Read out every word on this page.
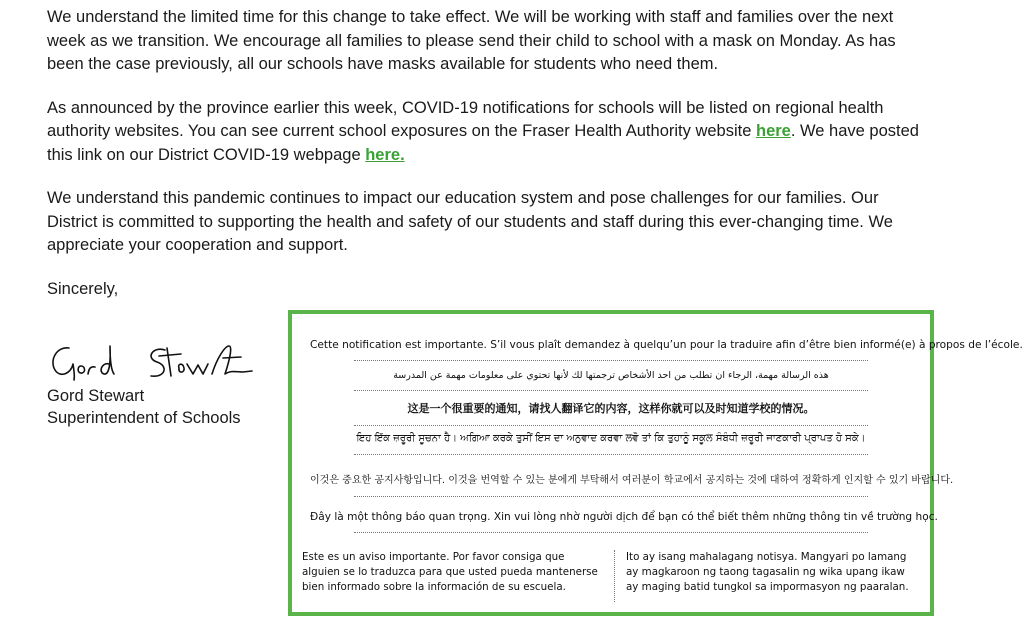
We understand the limited time for this change to take effect. We will be working with staff and families over the next week as we transition. We encourage all families to please send their child to school with a mask on Monday. As has been the case previously, all our schools have masks available for students who need them.

As announced by the province earlier this week, COVID-19 notifications for schools will be listed on regional health authority websites. You can see current school exposures on the Fraser Health Authority website here. We have posted this link on our District COVID-19 webpage here.

We understand this pandemic continues to impact our education system and pose challenges for our families. Our District is committed to supporting the health and safety of our students and staff during this ever-changing time. We appreciate your cooperation and support.

Sincerely,

Gord Stewart
Superintendent of Schools
Cette notification est importante. S’il vous plaît demandez à quelqu’un pour la traduire afin d’être bien informé(e) à propos de l’école.
هذه الرسالة مهمة، الرجاء ان تطلب من احد الأشخاص ترجمتها لك لأنها تحتوي على معلومات مهمة عن المدرسة
这是一个很重要的通知，请找人翻译它的内容，这样你就可以及时知道学校的情况。
ਇਹ ਇੱਕ ਜ਼ਰੂਰੀ ਸੂਚਨਾ ਹੈ। ਅਗਿਆ ਕਰਕੇ ਤੁਸੀਂ ਇਸ ਦਾ ਅਨੁਵਾਦ ਕਰਵਾ ਲਵੋ ਤਾਂ ਕਿ ਤੁਹਾਨੂੰ ਸਕੂਲ ਸੰਬੰਧੀ ਜ਼ਰੂਰੀ ਜਾਣਕਾਰੀ ਪ੍ਰਾਪਤ ਹੋ ਸਕੇ।
이것은 중요한 공지사항입니다. 이것을 번역할 수 있는 분에게 부탁해서 여러분이 학교에서 공지하는 것에 대하여 정확하게 인지할 수 있기 바랍니다.
Đây là một thông báo quan trọng. Xin vui lòng nhờ người dịch để bạn có thể biết thêm những thông tin về trường học.
Este es un aviso importante. Por favor consiga que alguien se lo traduzca para que usted pueda mantenerse bien informado sobre la información de su escuela.
Ito ay isang mahalagang notisya. Mangyari po lamang ay magkaroon ng taong tagasalin ng wika upang ikaw ay maging batid tungkol sa impormasyon ng paaralan.
